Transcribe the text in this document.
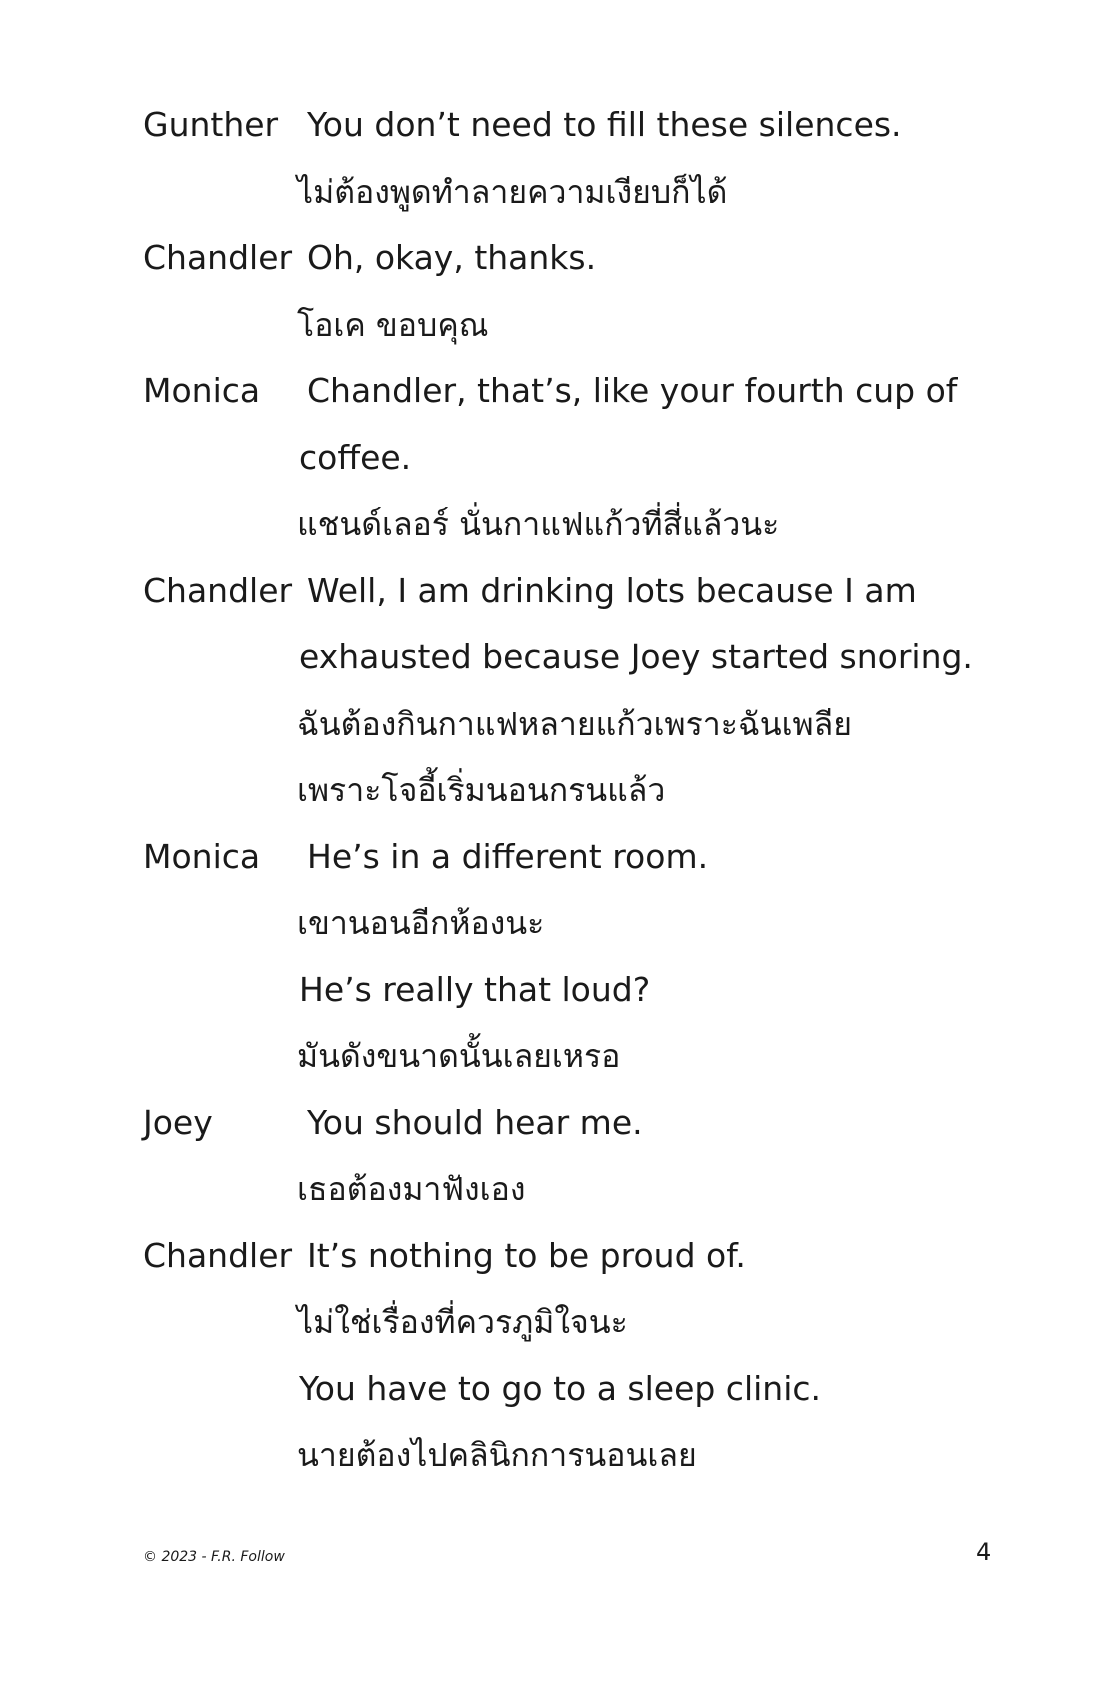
Gunther You don’t need to fill these silences.
ไม่ต้องพูดทำลายความเงียบก็ได้
Chandler Oh, okay, thanks.
โอเค ขอบคุณ
Monica	Chandler, that’s, like your fourth cup of
coffee.
แชนด์เลอร์ นั่นกาแฟแก้วที่สี่แล้วนะ
Chandler Well, I am drinking lots because I am
exhausted because Joey started snoring.
ฉันต้องกินกาแฟหลายแก้วเพราะฉันเพลีย
เพราะโจอี้เริ่มนอนกรนแล้ว
Monica	He’s in a different room.
เขานอนอีกห้องนะ
He’s really that loud?
มันดังขนาดนั้นเลยเหรอ
Joey	You should hear me.
เธอต้องมาฟังเอง
Chandler It’s nothing to be proud of.
ไม่ใช่เรื่องที่ควรภูมิใจนะ
You have to go to a sleep clinic.
นายต้องไปคลินิกการนอนเลย
© 2023 - F.R. Follow	4
